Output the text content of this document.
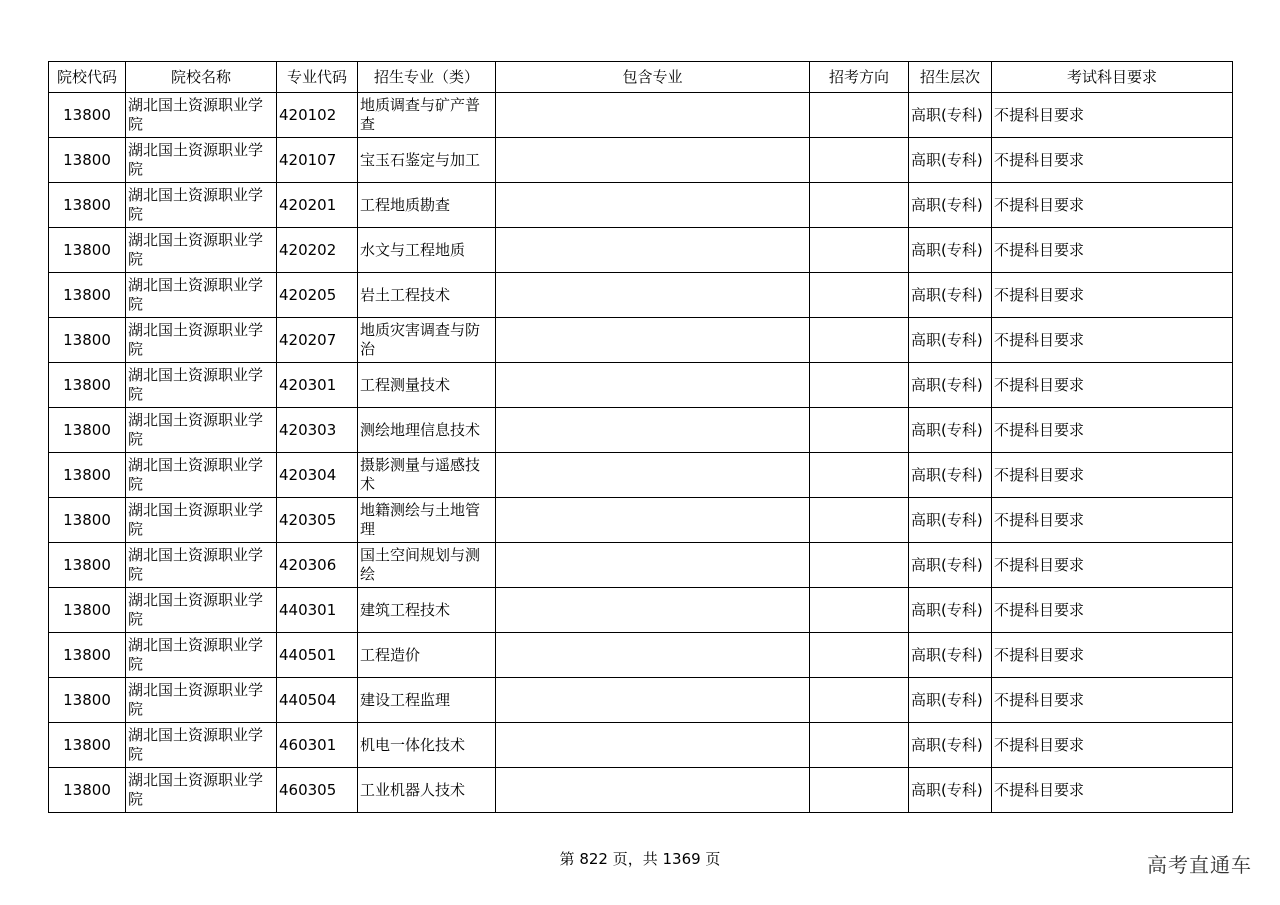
院校代码	院校名称	专业代码	招生专业（类）	包含专业	招考方向	招生层次	考试科目要求
13800	湖北国土资源职业学院	420102	地质调查与矿产普查			高职(专科)	不提科目要求
13800	湖北国土资源职业学院	420107	宝玉石鉴定与加工			高职(专科)	不提科目要求
13800	湖北国土资源职业学院	420201	工程地质勘查			高职(专科)	不提科目要求
13800	湖北国土资源职业学院	420202	水文与工程地质			高职(专科)	不提科目要求
13800	湖北国土资源职业学院	420205	岩土工程技术			高职(专科)	不提科目要求
13800	湖北国土资源职业学院	420207	地质灾害调查与防治			高职(专科)	不提科目要求
13800	湖北国土资源职业学院	420301	工程测量技术			高职(专科)	不提科目要求
13800	湖北国土资源职业学院	420303	测绘地理信息技术			高职(专科)	不提科目要求
13800	湖北国土资源职业学院	420304	摄影测量与遥感技术			高职(专科)	不提科目要求
13800	湖北国土资源职业学院	420305	地籍测绘与土地管理			高职(专科)	不提科目要求
13800	湖北国土资源职业学院	420306	国土空间规划与测绘			高职(专科)	不提科目要求
13800	湖北国土资源职业学院	440301	建筑工程技术			高职(专科)	不提科目要求
13800	湖北国土资源职业学院	440501	工程造价			高职(专科)	不提科目要求
13800	湖北国土资源职业学院	440504	建设工程监理			高职(专科)	不提科目要求
13800	湖北国土资源职业学院	460301	机电一体化技术			高职(专科)	不提科目要求
13800	湖北国土资源职业学院	460305	工业机器人技术			高职(专科)	不提科目要求
第 822 页，共 1369 页	高考直通车
